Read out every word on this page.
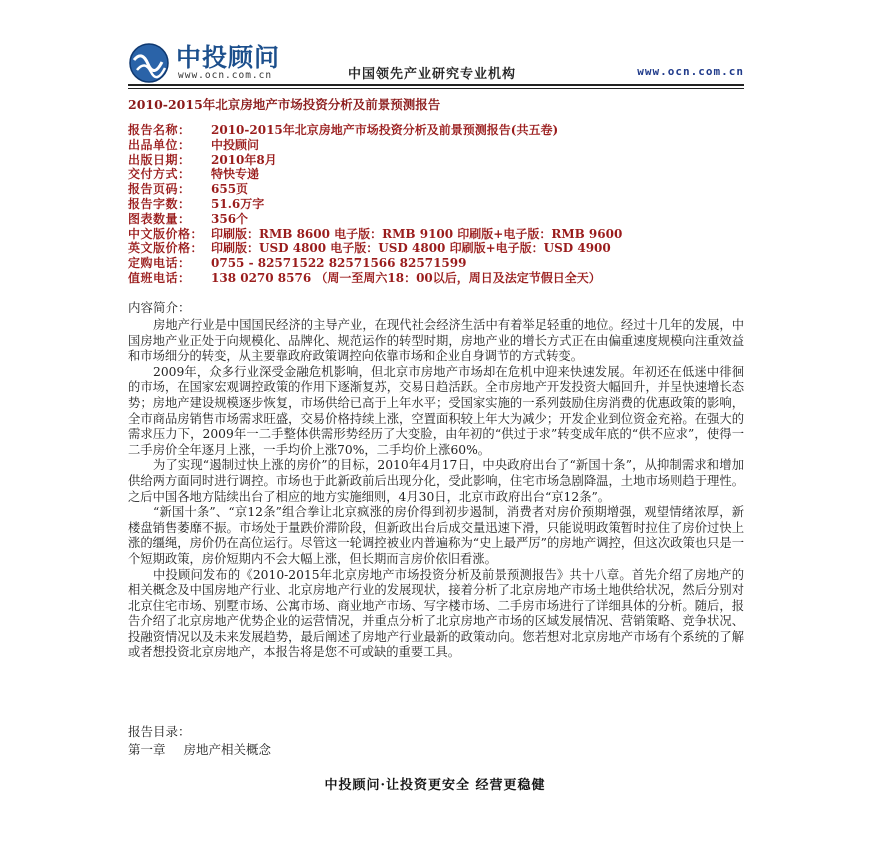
中投顾问
www.ocn.com.cn	中国领先产业研究专业机构	www.ocn.com.cn
2010-2015年北京房地产市场投资分析及前景预测报告
报告名称： 2010-2015年北京房地产市场投资分析及前景预测报告(共五卷)
出品单位： 中投顾问
出版日期： 2010年8月
交付方式： 特快专递
报告页码： 655页
报告字数： 51.6万字
图表数量： 356个
中文版价格： 印刷版：RMB 8600 电子版：RMB 9100 印刷版+电子版：RMB 9600
英文版价格： 印刷版：USD 4800 电子版：USD 4800 印刷版+电子版：USD 4900
定购电话： 0755 - 82571522 82571566 82571599
值班电话： 138 0270 8576 （周一至周六18：00以后，周日及法定节假日全天）
内容简介：

房地产行业是中国国民经济的主导产业，在现代社会经济生活中有着举足轻重的地位。经过十几年的发展，中国房地产业正处于向规模化、品牌化、规范运作的转型时期，房地产业的增长方式正在由偏重速度规模向注重效益和市场细分的转变，从主要靠政府政策调控向依靠市场和企业自身调节的方式转变。

2009年，众多行业深受金融危机影响，但北京市房地产市场却在危机中迎来快速发展。年初还在低迷中徘徊的市场，在国家宏观调控政策的作用下逐渐复苏，交易日趋活跃。全市房地产开发投资大幅回升，并呈快速增长态势；房地产建设规模逐步恢复，市场供给已高于上年水平；受国家实施的一系列鼓励住房消费的优惠政策的影响，全市商品房销售市场需求旺盛，交易价格持续上涨，空置面积较上年大为减少；开发企业到位资金充裕。在强大的需求压力下，2009年一二手整体供需形势经历了大变脸，由年初的“供过于求”转变成年底的“供不应求”，使得一二手房价全年逐月上涨，一手均价上涨70%，二手均价上涨60%。

为了实现“遏制过快上涨的房价”的目标，2010年4月17日，中央政府出台了“新国十条”，从抑制需求和增加供给两方面同时进行调控。市场也于此新政前后出现分化，受此影响，住宅市场急剧降温，土地市场则趋于理性。之后中国各地方陆续出台了相应的地方实施细则，4月30日，北京市政府出台“京12条”。

“新国十条”、“京12条”组合拳让北京疯涨的房价得到初步遏制，消费者对房价预期增强，观望情绪浓厚，新楼盘销售萎靡不振。市场处于量跌价滞阶段，但新政出台后成交量迅速下滑，只能说明政策暂时拉住了房价过快上涨的缰绳，房价仍在高位运行。尽管这一轮调控被业内普遍称为“史上最严厉”的房地产调控，但这次政策也只是一个短期政策，房价短期内不会大幅上涨，但长期而言房价依旧看涨。

中投顾问发布的《2010-2015年北京房地产市场投资分析及前景预测报告》共十八章。首先介绍了房地产的相关概念及中国房地产行业、北京房地产行业的发展现状，接着分析了北京房地产市场土地供给状况，然后分别对北京住宅市场、别墅市场、公寓市场、商业地产市场、写字楼市场、二手房市场进行了详细具体的分析。随后，报告介绍了北京房地产优势企业的运营情况，并重点分析了北京房地产市场的区域发展情况、营销策略、竞争状况、投融资情况以及未来发展趋势，最后阐述了房地产行业最新的政策动向。您若想对北京房地产市场有个系统的了解或者想投资北京房地产，本报告将是您不可或缺的重要工具。

报告目录：
第一章 房地产相关概念
中投顾问·让投资更安全 经营更稳健
